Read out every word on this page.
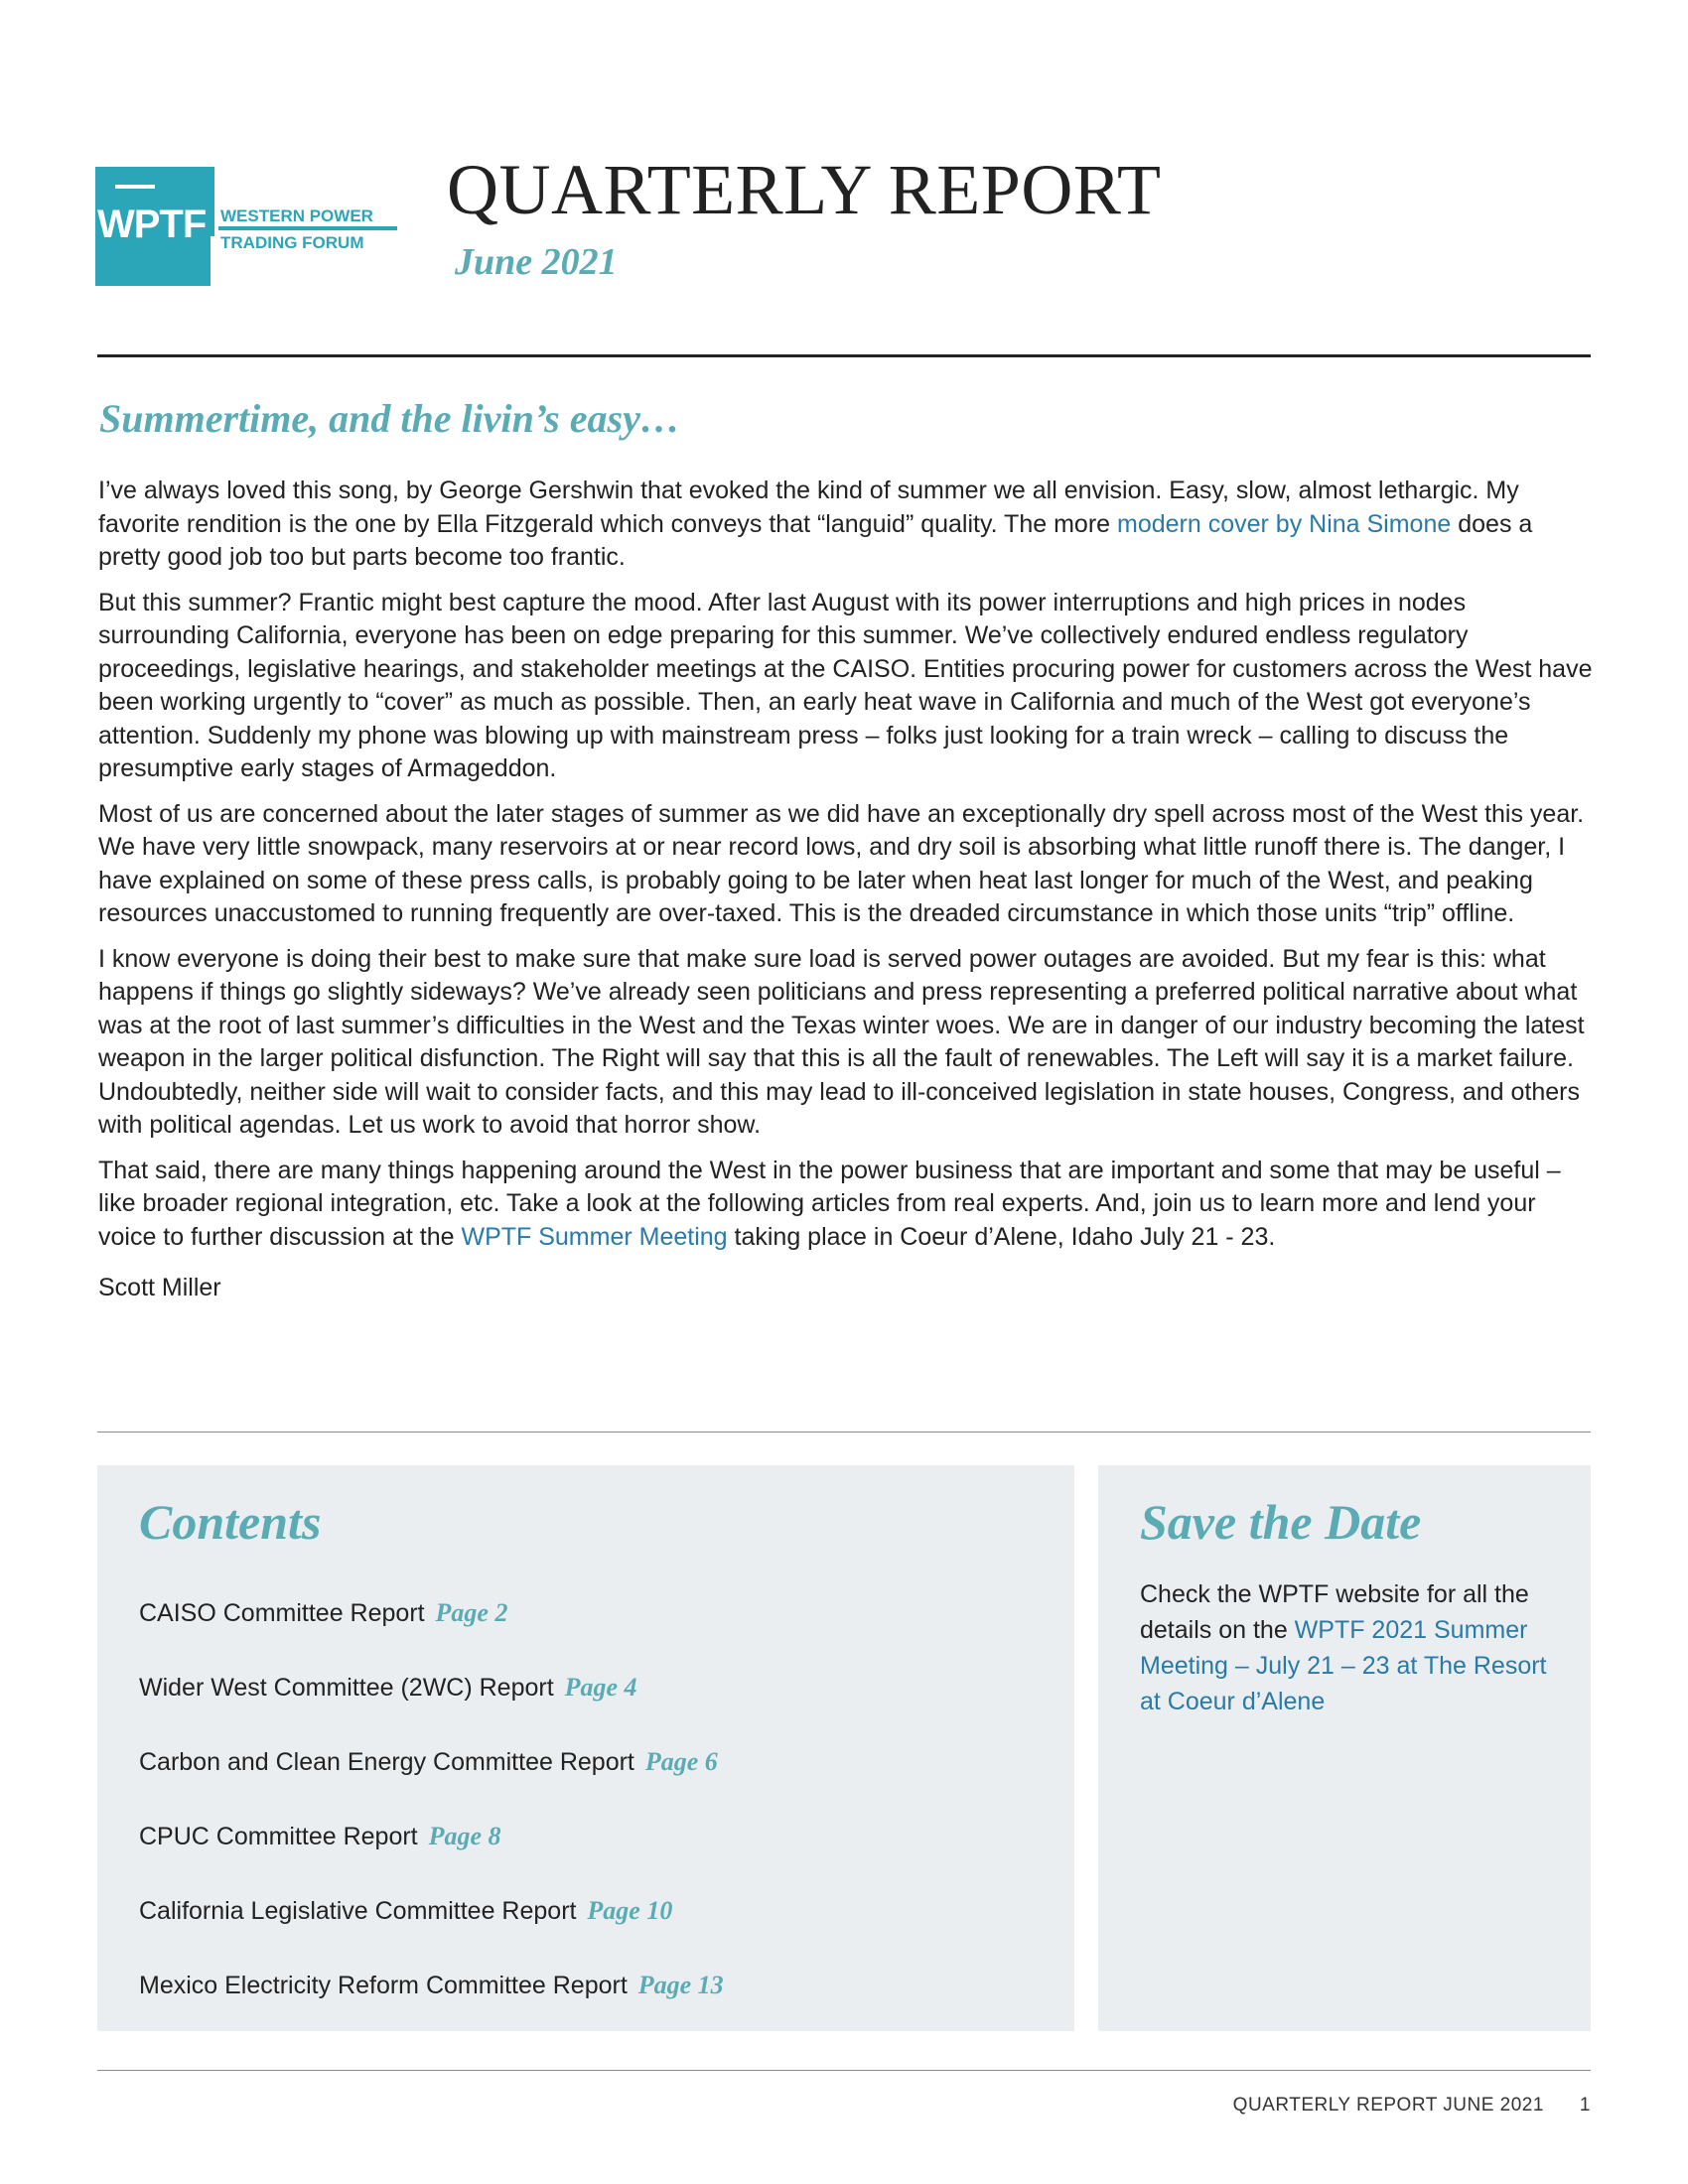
WPTF WESTERN POWER
TRADING FORUM
QUARTERLY REPORT
June 2021
Summertime, and the livin’s easy…

I’ve always loved this song, by George Gershwin that evoked the kind of summer we all envision. Easy, slow, almost lethargic. My favorite rendition is the one by Ella Fitzgerald which conveys that “languid” quality. The more modern cover by Nina Simone does a pretty good job too but parts become too frantic.

But this summer? Frantic might best capture the mood. After last August with its power interruptions and high prices in nodes surrounding California, everyone has been on edge preparing for this summer. We’ve collectively endured endless regulatory proceedings, legislative hearings, and stakeholder meetings at the CAISO. Entities procuring power for customers across the West have been working urgently to “cover” as much as possible. Then, an early heat wave in California and much of the West got everyone’s attention. Suddenly my phone was blowing up with mainstream press – folks just looking for a train wreck – calling to discuss the presumptive early stages of Armageddon.

Most of us are concerned about the later stages of summer as we did have an exceptionally dry spell across most of the West this year. We have very little snowpack, many reservoirs at or near record lows, and dry soil is absorbing what little runoff there is. The danger, I have explained on some of these press calls, is probably going to be later when heat last longer for much of the West, and peaking resources unaccustomed to running frequently are over-taxed. This is the dreaded circumstance in which those units “trip” offline.

I know everyone is doing their best to make sure that make sure load is served power outages are avoided. But my fear is this: what happens if things go slightly sideways? We’ve already seen politicians and press representing a preferred political narrative about what was at the root of last summer’s difficulties in the West and the Texas winter woes. We are in danger of our industry becoming the latest weapon in the larger political disfunction. The Right will say that this is all the fault of renewables. The Left will say it is a market failure. Undoubtedly, neither side will wait to consider facts, and this may lead to ill-conceived legislation in state houses, Congress, and others with political agendas. Let us work to avoid that horror show.

That said, there are many things happening around the West in the power business that are important and some that may be useful – like broader regional integration, etc. Take a look at the following articles from real experts. And, join us to learn more and lend your voice to further discussion at the WPTF Summer Meeting taking place in Coeur d’Alene, Idaho July 21 - 23.

Scott Miller

Contents
CAISO Committee Report Page 2
Wider West Committee (2WC) Report Page 4
Carbon and Clean Energy Committee Report Page 6
CPUC Committee Report Page 8
California Legislative Committee Report Page 10
Mexico Electricity Reform Committee Report Page 13
Save the Date
Check the WPTF website for all the details on the WPTF 2021 Summer Meeting – July 21 – 23 at The Resort at Coeur d’Alene
QUARTERLY REPORT JUNE 2021 1
